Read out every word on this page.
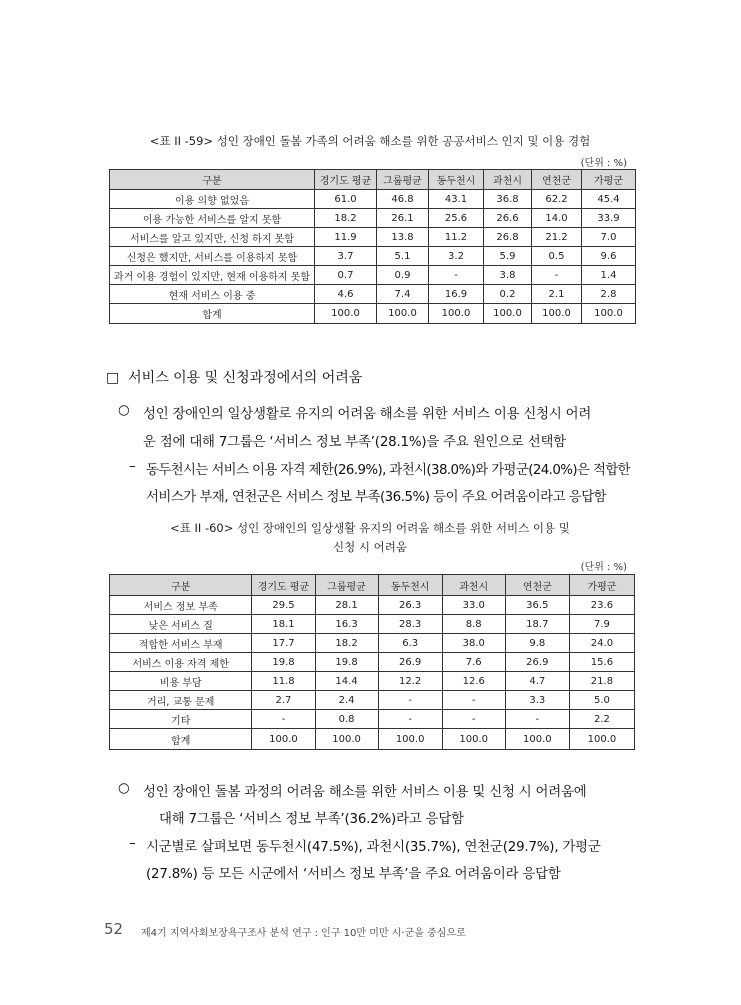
<표 II -59> 성인 장애인 돌봄 가족의 어려움 해소를 위한 공공서비스 인지 및 이용 경험
(단위 : %)
구분	경기도 평균	그룹평균	동두천시	과천시	연천군	가평군
이용 의향 없었음	61.0	46.8	43.1	36.8	62.2	45.4
이용 가능한 서비스를 알지 못함	18.2	26.1	25.6	26.6	14.0	33.9
서비스를 알고 있지만, 신청 하지 못함	11.9	13.8	11.2	26.8	21.2	7.0
신청은 했지만, 서비스를 이용하지 못함	3.7	5.1	3.2	5.9	0.5	9.6
과거 이용 경험이 있지만, 현재 이용하지 못함	0.7	0.9	-	3.8	-	1.4
현재 서비스 이용 중	4.6	7.4	16.9	0.2	2.1	2.8
합계	100.0	100.0	100.0	100.0	100.0	100.0
□ 서비스 이용 및 신청과정에서의 어려움
○ 성인 장애인의 일상생활로 유지의 어려움 해소를 위한 서비스 이용 신청시 어려
운 점에 대해 7그룹은 ‘서비스 정보 부족’(28.1%)을 주요 원인으로 선택함
– 동두천시는 서비스 이용 자격 제한(26.9%), 과천시(38.0%)와 가평군(24.0%)은 적합한
서비스가 부재, 연천군은 서비스 정보 부족(36.5%) 등이 주요 어려움이라고 응답함
<표 II -60> 성인 장애인의 일상생활 유지의 어려움 해소를 위한 서비스 이용 및
신청 시 어려움
(단위 : %)
구분	경기도 평균	그룹평균	동두천시	과천시	연천군	가평군
서비스 정보 부족	29.5	28.1	26.3	33.0	36.5	23.6
낮은 서비스 질	18.1	16.3	28.3	8.8	18.7	7.9
적합한 서비스 부재	17.7	18.2	6.3	38.0	9.8	24.0
서비스 이용 자격 제한	19.8	19.8	26.9	7.6	26.9	15.6
비용 부담	11.8	14.4	12.2	12.6	4.7	21.8
거리, 교통 문제	2.7	2.4	-	-	3.3	5.0
기타	-	0.8	-	-	-	2.2
합계	100.0	100.0	100.0	100.0	100.0	100.0
○ 성인 장애인 돌봄 과정의 어려움 해소를 위한 서비스 이용 및 신청 시 어려움에
대해 7그룹은 ‘서비스 정보 부족’(36.2%)라고 응답함
– 시군별로 살펴보면 동두천시(47.5%), 과천시(35.7%), 연천군(29.7%), 가평군
(27.8%) 등 모든 시군에서 ‘서비스 정보 부족’을 주요 어려움이라 응답함
52 제4기 지역사회보장욕구조사 분석 연구 : 인구 10만 미만 시·군을 중심으로
